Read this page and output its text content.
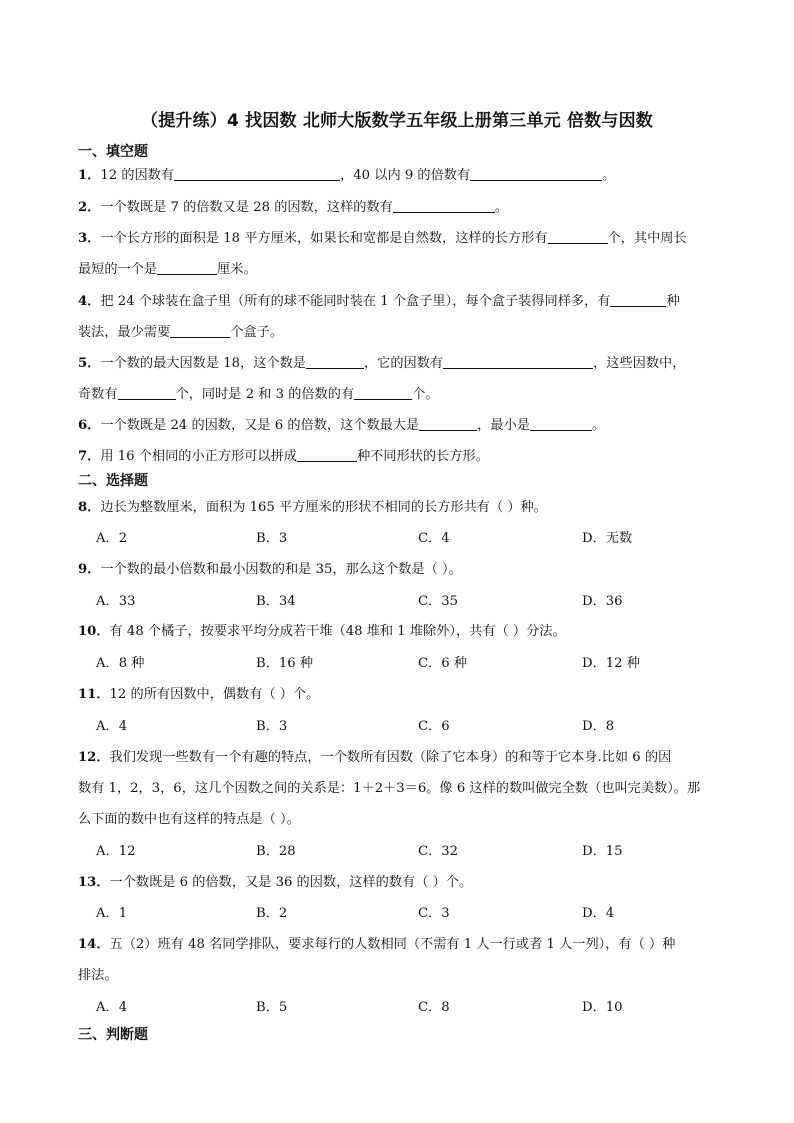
（提升练）4 找因数 北师大版数学五年级上册第三单元 倍数与因数
一、填空题
1．12 的因数有	，40 以内 9 的倍数有	。
2．一个数既是 7 的倍数又是 28 的因数，这样的数有	。
3．一个长方形的面积是 18 平方厘米，如果长和宽都是自然数，这样的长方形有	个，其中周长
最短的一个是	厘米。
4．把 24 个球装在盒子里（所有的球不能同时装在 1 个盒子里），每个盒子装得同样多，有	种
装法，最少需要	个盒子。
5．一个数的最大因数是 18，这个数是	，它的因数有	，这些因数中，
奇数有	个，同时是 2 和 3 的倍数的有	个。
6．一个数既是 24 的因数，又是 6 的倍数，这个数最大是	，最小是	。
7．用 16 个相同的小正方形可以拼成	种不同形状的长方形。
二、选择题
8．边长为整数厘米，面积为 165 平方厘米的形状不相同的长方形共有（ ）种。
A．2	B．3	C．4	D．无数
9．一个数的最小倍数和最小因数的和是 35，那么这个数是（ ）。
A．33	B．34	C．35	D．36
10．有 48 个橘子，按要求平均分成若干堆（48 堆和 1 堆除外），共有（ ）分法。
A．8 种	B．16 种	C．6 种	D．12 种
11．12 的所有因数中，偶数有（ ）个。
A．4	B．3	C．6	D．8
12．我们发现一些数有一个有趣的特点，一个数所有因数（除了它本身）的和等于它本身.比如 6 的因
数有 1，2，3，6，这几个因数之间的关系是：1＋2＋3＝6。像 6 这样的数叫做完全数（也叫完美数）。那
么下面的数中也有这样的特点是（ ）。
A．12	B．28	C．32	D．15
13．一个数既是 6 的倍数，又是 36 的因数，这样的数有（ ）个。
A．1	B．2	C．3	D．4
14．五（2）班有 48 名同学排队，要求每行的人数相同（不需有 1 人一行或者 1 人一列），有（ ）种
排法。
A．4	B．5	C．8	D．10
三、判断题
